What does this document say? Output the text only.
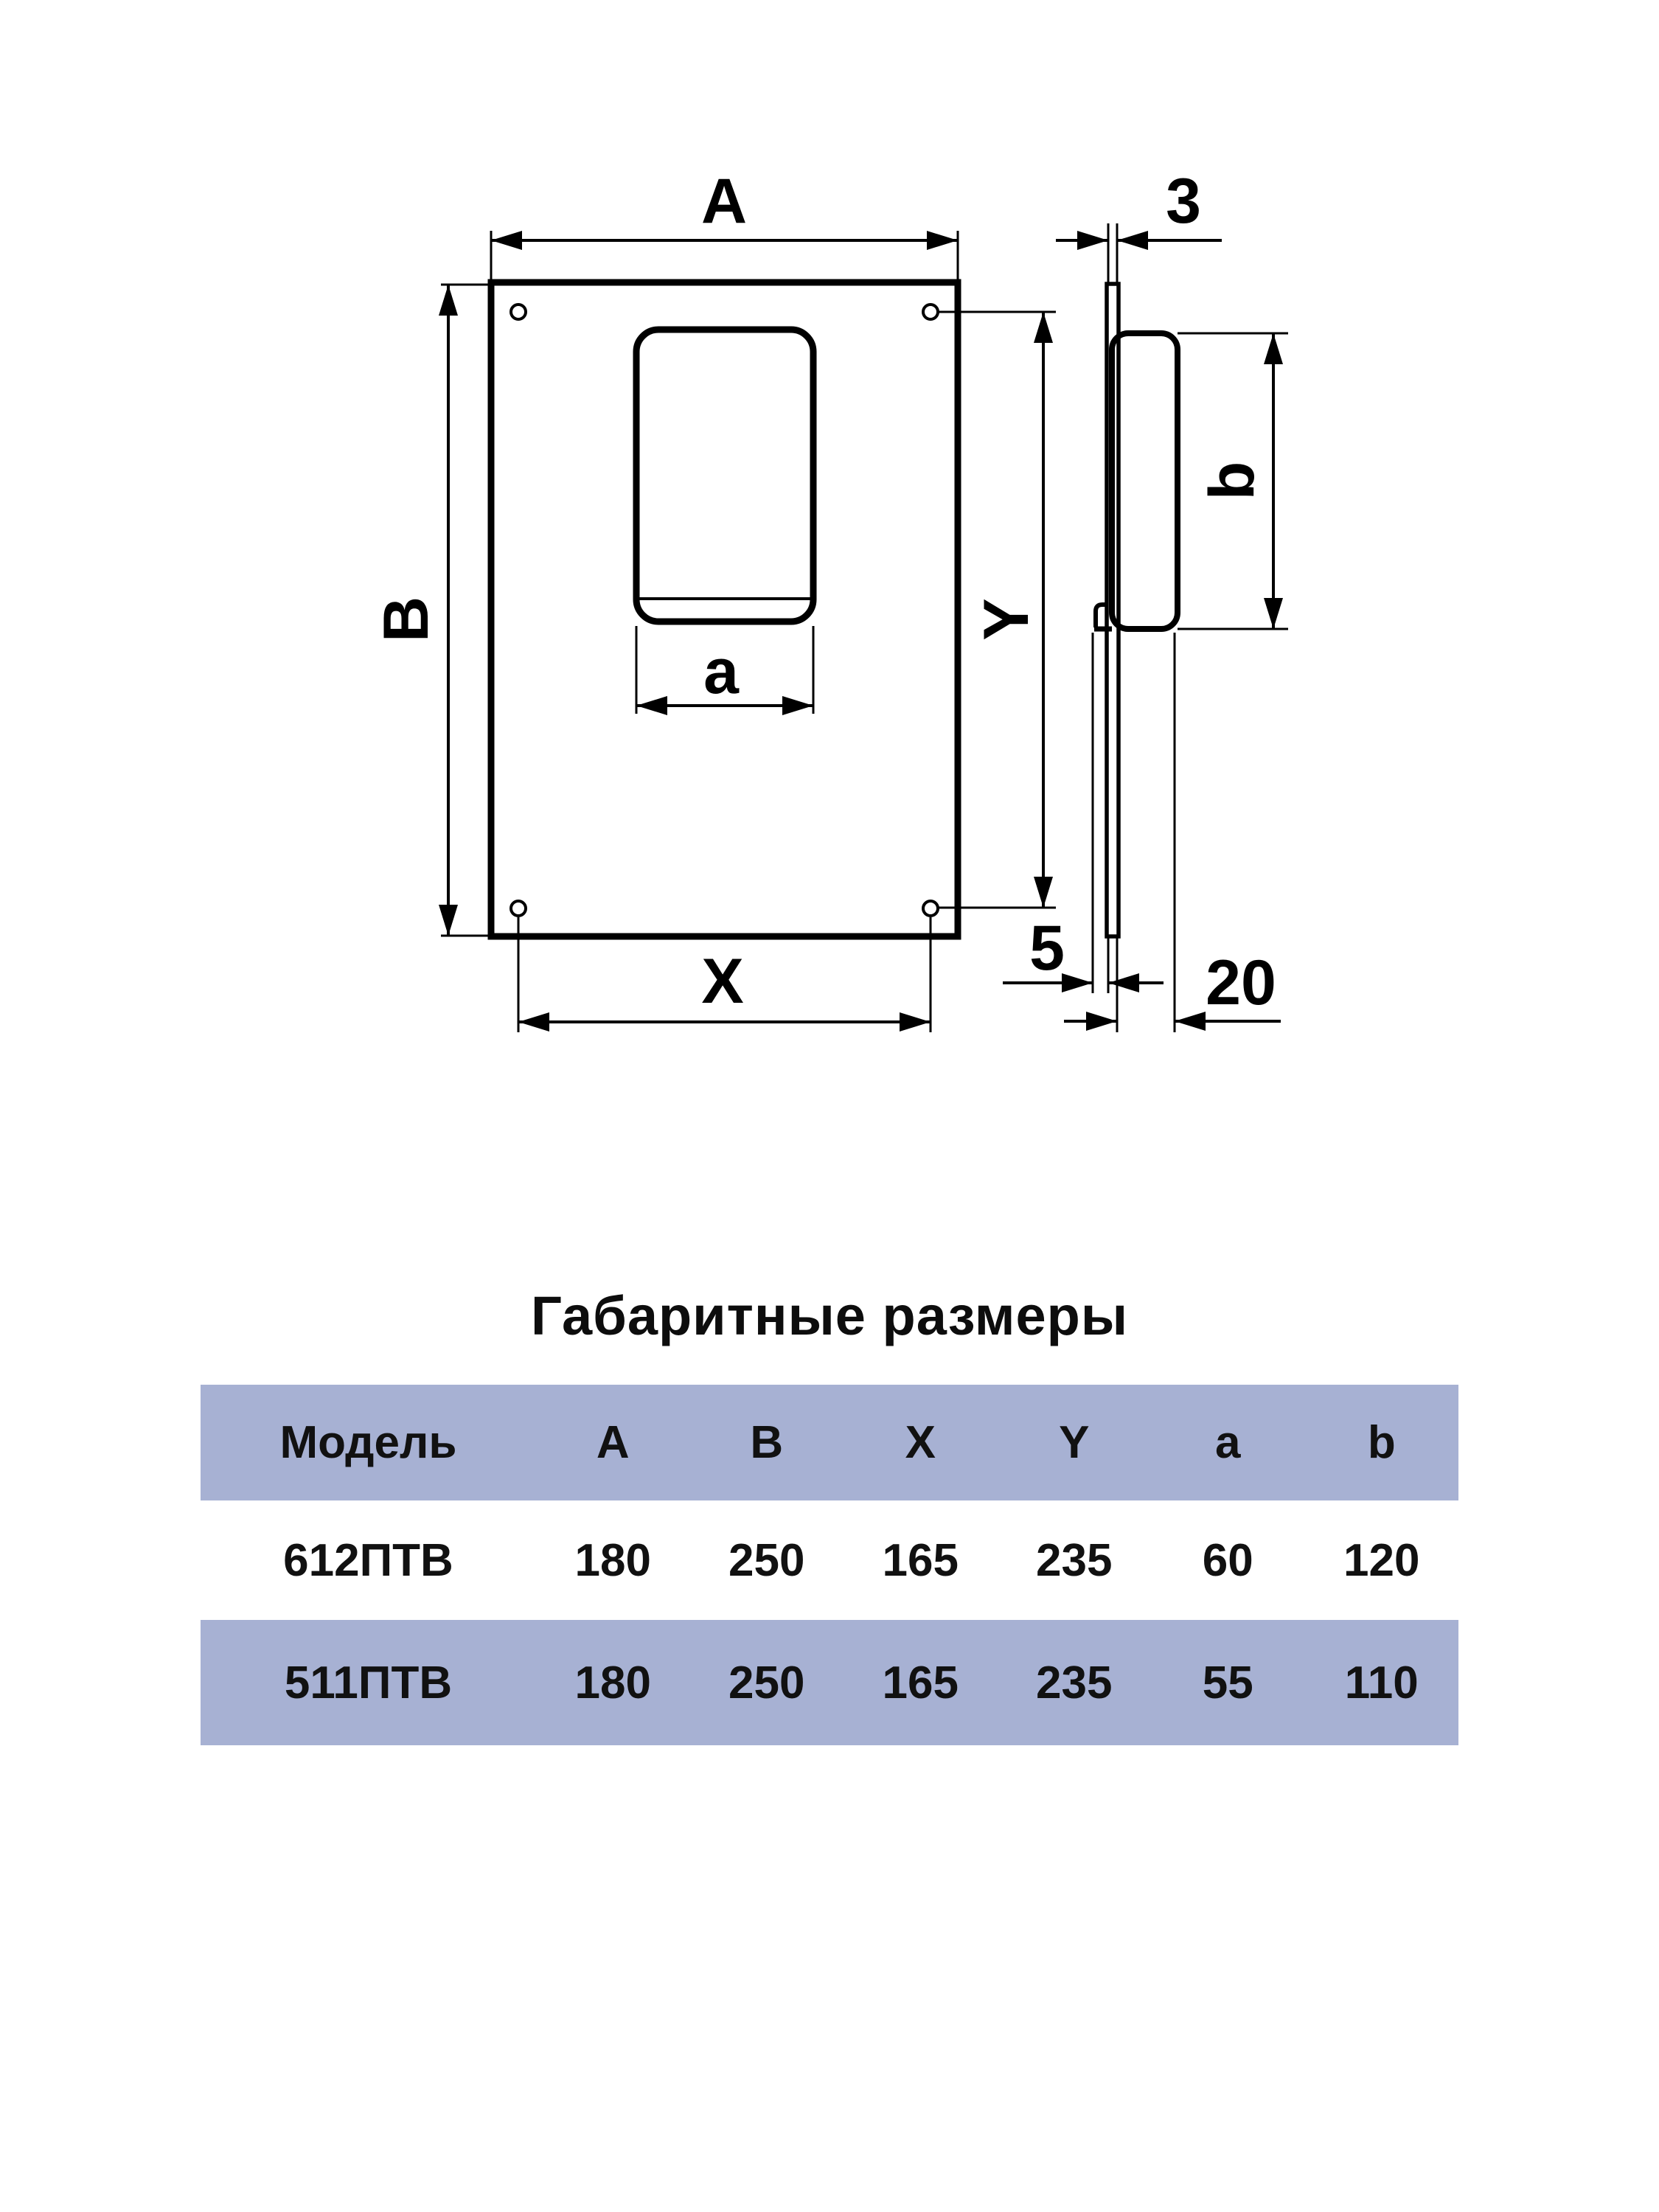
A
B
X
Y
a
3
b
5 20
Габаритные размеры
Модель	A	B	X	Y	a	b
612ПТВ	180	250	165	235	60	120
511ПТВ	180	250	165	235	55	110
